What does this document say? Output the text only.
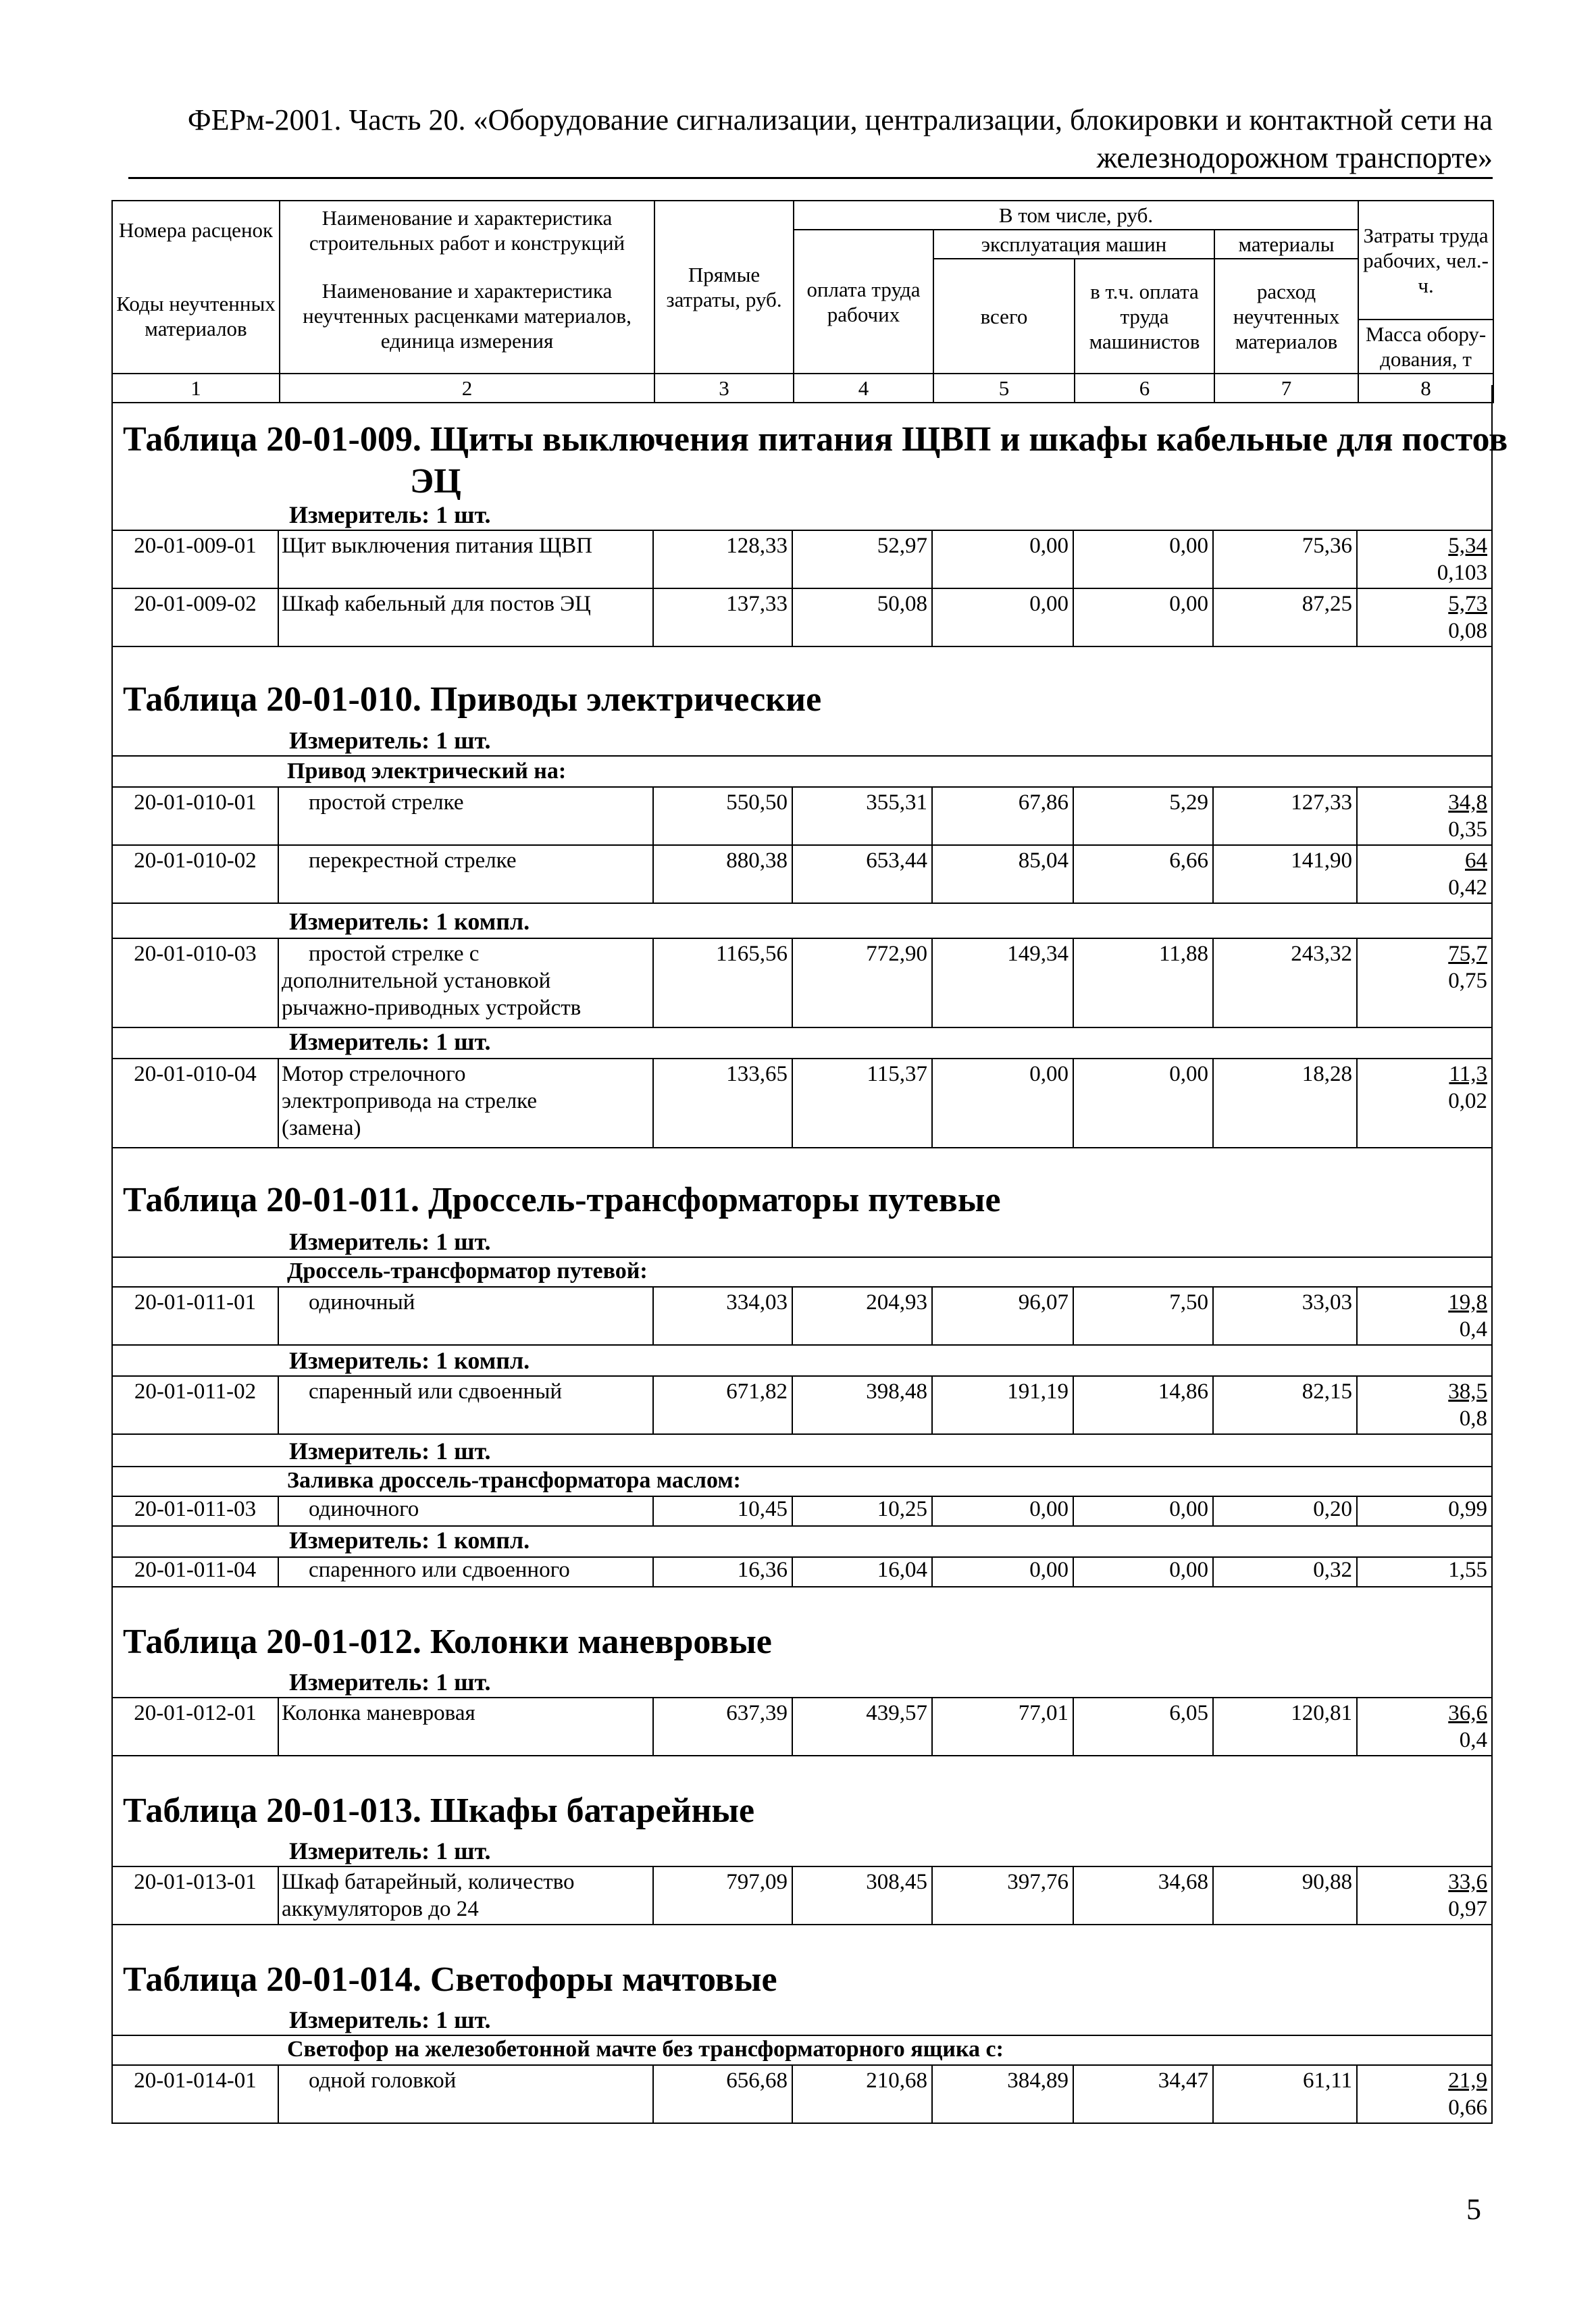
ФЕРм-2001. Часть 20. «Оборудование сигнализации, централизации, блокировки и контактной сети на
железнодорожном транспорте»
Номера расценок	Наименование и характеристика строительных работ и конструкций	Прямые затраты, руб.	В том числе, руб.				Затраты труда рабочих, чел.-ч.
			оплата труда рабочих	эксплуатация машин		материалы	
Коды неучтенных материалов	Наименование и характеристика неучтенных расценками материалов, единица измерения			всего	в т.ч. оплата труда машинистов	расход неучтенных материалов	
							Масса обору-дования, т
1	2	3	4	5	6	7	8
Таблица 20-01-009. Щиты выключения питания ЩВП и шкафы кабельные для постов
ЭЦ
Измеритель: 1 шт.
20-01-009-01	Щит выключения питания ЩВП	128,33	52,97	0,00	0,00	75,36	5,34
0,103
20-01-009-02	Шкаф кабельный для постов ЭЦ	137,33	50,08	0,00	0,00	87,25	5,73
0,08
Таблица 20-01-010. Приводы электрические
Измеритель: 1 шт.
Привод электрический на:
20-01-010-01	простой стрелке	550,50	355,31	67,86	5,29	127,33	34,8
0,35
20-01-010-02	перекрестной стрелке	880,38	653,44	85,04	6,66	141,90	64
0,42
Измеритель: 1 компл.
20-01-010-03	простой стрелке с
дополнительной установкой
рычажно-приводных устройств
1165,56	772,90	149,34	11,88	243,32	75,7
0,75
Измеритель: 1 шт.
20-01-010-04	Мотор стрелочного
электропривода на стрелке
(замена)
133,65	115,37	0,00	0,00	18,28	11,3
0,02
Таблица 20-01-011. Дроссель-трансформаторы путевые
Измеритель: 1 шт.
Дроссель-трансформатор путевой:
20-01-011-01	одиночный	334,03	204,93	96,07	7,50	33,03	19,8
0,4
Измеритель: 1 компл.
20-01-011-02	спаренный или сдвоенный	671,82	398,48	191,19	14,86	82,15	38,5
0,8
Измеритель: 1 шт.
Заливка дроссель-трансформатора маслом:
20-01-011-03	одиночного	10,45	10,25	0,00	0,00	0,20	0,99
Измеритель: 1 компл.
20-01-011-04	спаренного или сдвоенного	16,36	16,04	0,00	0,00	0,32	1,55
Таблица 20-01-012. Колонки маневровые
Измеритель: 1 шт.
20-01-012-01	Колонка маневровая	637,39	439,57	77,01	6,05	120,81	36,6
0,4
Таблица 20-01-013. Шкафы батарейные
Измеритель: 1 шт.
20-01-013-01	Шкаф батарейный, количество
аккумуляторов до 24
797,09	308,45	397,76	34,68	90,88	33,6
0,97
Таблица 20-01-014. Светофоры мачтовые
Измеритель: 1 шт.
Светофор на железобетонной мачте без трансформаторного ящика с:
20-01-014-01	одной головкой	656,68	210,68	384,89	34,47	61,11	21,9
0,66
5
